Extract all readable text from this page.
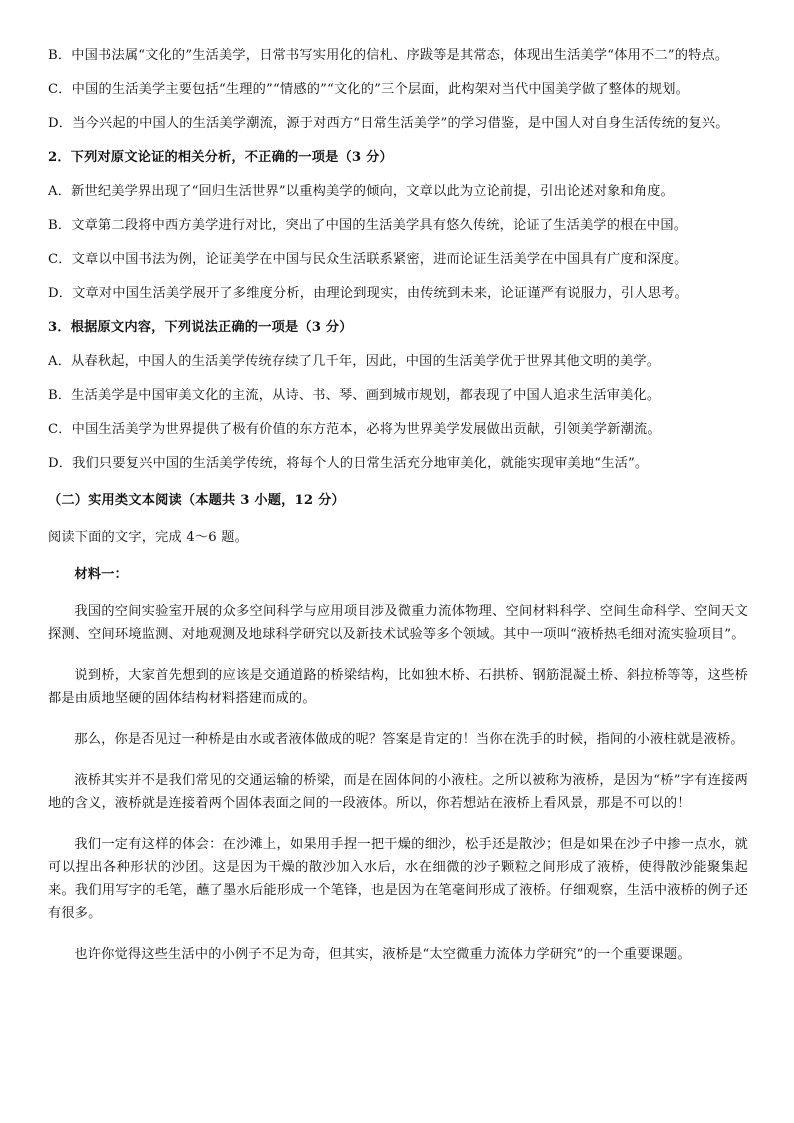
B．中国书法属“文化的”生活美学，日常书写实用化的信札、序跋等是其常态，体现出生活美学“体用不二”的特点。

C．中国的生活美学主要包括“生理的”“情感的”“文化的”三个层面，此构架对当代中国美学做了整体的规划。

D．当今兴起的中国人的生活美学潮流，源于对西方“日常生活美学”的学习借鉴，是中国人对自身生活传统的复兴。

2．下列对原文论证的相关分析，不正确的一项是（3 分）

A．新世纪美学界出现了“回归生活世界”以重构美学的倾向，文章以此为立论前提，引出论述对象和角度。

B．文章第二段将中西方美学进行对比，突出了中国的生活美学具有悠久传统，论证了生活美学的根在中国。

C．文章以中国书法为例，论证美学在中国与民众生活联系紧密，进而论证生活美学在中国具有广度和深度。

D．文章对中国生活美学展开了多维度分析，由理论到现实，由传统到未来，论证谨严有说服力，引人思考。

3．根据原文内容，下列说法正确的一项是（3 分）

A．从春秋起，中国人的生活美学传统存续了几千年，因此，中国的生活美学优于世界其他文明的美学。

B．生活美学是中国审美文化的主流，从诗、书、琴、画到城市规划，都表现了中国人追求生活审美化。

C．中国生活美学为世界提供了极有价值的东方范本，必将为世界美学发展做出贡献，引领美学新潮流。

D．我们只要复兴中国的生活美学传统，将每个人的日常生活充分地审美化，就能实现审美地“生活”。

（二）实用类文本阅读（本题共 3 小题，12 分）

阅读下面的文字，完成 4～6 题。

材料一：

我国的空间实验室开展的众多空间科学与应用项目涉及微重力流体物理、空间材料科学、空间生命科学、空间天文探测、空间环境监测、对地观测及地球科学研究以及新技术试验等多个领域。其中一项叫“液桥热毛细对流实验项目”。

说到桥，大家首先想到的应该是交通道路的桥梁结构，比如独木桥、石拱桥、钢筋混凝土桥、斜拉桥等等，这些桥都是由质地坚硬的固体结构材料搭建而成的。

那么，你是否见过一种桥是由水或者液体做成的呢？答案是肯定的！当你在洗手的时候，指间的小液柱就是液桥。

液桥其实并不是我们常见的交通运输的桥梁，而是在固体间的小液柱。之所以被称为液桥，是因为“桥”字有连接两地的含义，液桥就是连接着两个固体表面之间的一段液体。所以，你若想站在液桥上看风景，那是不可以的！

我们一定有这样的体会：在沙滩上，如果用手捏一把干燥的细沙，松手还是散沙；但是如果在沙子中掺一点水，就可以捏出各种形状的沙团。这是因为干燥的散沙加入水后，水在细微的沙子颗粒之间形成了液桥，使得散沙能聚集起来。我们用写字的毛笔，蘸了墨水后能形成一个笔锋，也是因为在笔毫间形成了液桥。仔细观察，生活中液桥的例子还有很多。

也许你觉得这些生活中的小例子不足为奇，但其实，液桥是“太空微重力流体力学研究”的一个重要课题。
